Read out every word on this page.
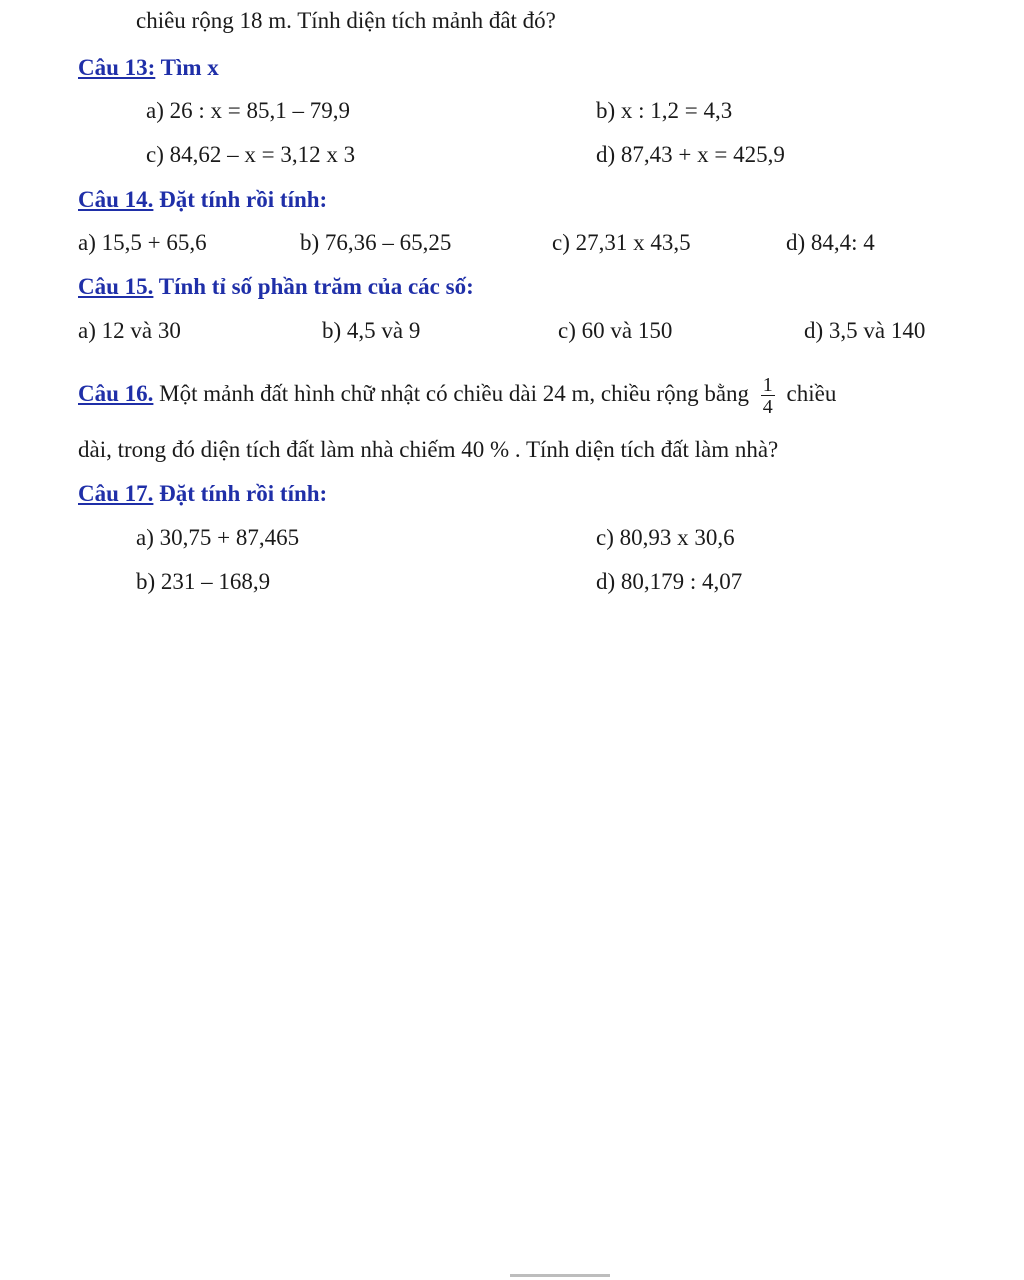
chiêu rộng 18 m. Tính diện tích mảnh đât đó?
Câu 13: Tìm x
a) 26 : x = 85,1 – 79,9	b) x : 1,2 = 4,3
c) 84,62 – x = 3,12 x 3	d) 87,43 + x = 425,9
Câu 14. Đặt tính rồi tính:
a) 15,5 + 65,6	b) 76,36 – 65,25	c) 27,31 x 43,5	d) 84,4: 4
Câu 15. Tính tỉ số phần trăm của các số:
a) 12 và 30	b) 4,5 và 9	c) 60 và 150	d) 3,5 và 140
Câu 16. Một mảnh đất hình chữ nhật có chiều dài 24 m, chiều rộng bằng $\frac{1}{4}$ chiều
dài, trong đó diện tích đất làm nhà chiếm 40 % . Tính diện tích đất làm nhà?
Câu 17. Đặt tính rồi tính:
a) 30,75 + 87,465	c) 80,93 x 30,6
b) 231 – 168,9	d) 80,179 : 4,07
